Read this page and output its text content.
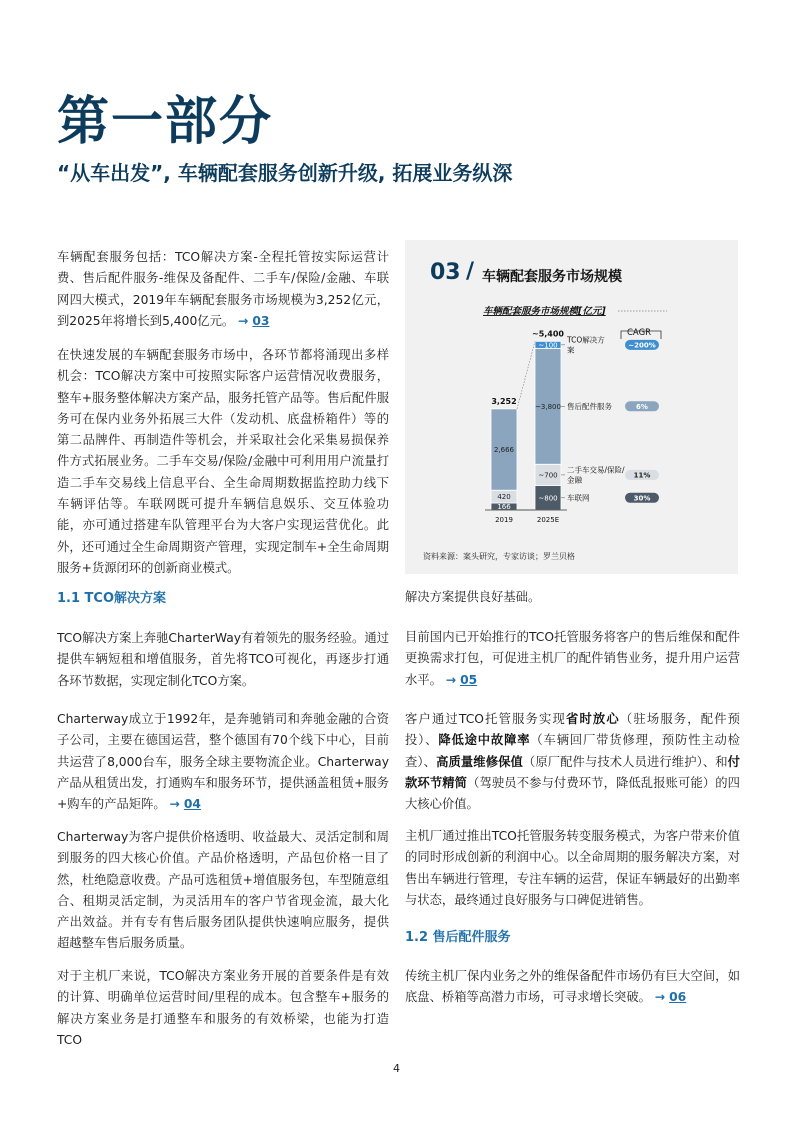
第一部分
“从车出发”, 车辆配套服务创新升级, 拓展业务纵深
车辆配套服务包括：TCO解决方案-全程托管按实际运营计费、售后配件服务-维保及备配件、二手车/保险/金融、车联网四大模式，2019年车辆配套服务市场规模为3,252亿元，到2025年将增长到5,400亿元。 → 03
在快速发展的车辆配套服务市场中，各环节都将涌现出多样机会：TCO解决方案中可按照实际客户运营情况收费服务，整车+服务整体解决方案产品，服务托管产品等。售后配件服务可在保内业务外拓展三大件（发动机、底盘桥箱件）等的第二品牌件、再制造件等机会，并采取社会化采集易损保养件方式拓展业务。二手车交易/保险/金融中可利用用户流量打造二手车交易线上信息平台、全生命周期数据监控助力线下车辆评估等。车联网既可提升车辆信息娱乐、交互体验功能，亦可通过搭建车队管理平台为大客户实现运营优化。此外，还可通过全生命周期资产管理，实现定制车+全生命周期服务+货源闭环的创新商业模式。
1.1 TCO解决方案
TCO解决方案上奔驰CharterWay有着领先的服务经验。通过提供车辆短租和增值服务，首先将TCO可视化，再逐步打通各环节数据，实现定制化TCO方案。
Charterway成立于1992年，是奔驰销司和奔驰金融的合资子公司，主要在德国运营，整个德国有70个线下中心，目前共运营了8,000台车，服务全球主要物流企业。Charterway产品从租赁出发，打通购车和服务环节，提供涵盖租赁+服务+购车的产品矩阵。 → 04
Charterway为客户提供价格透明、收益最大、灵活定制和周到服务的四大核心价值。产品价格透明，产品包价格一目了然，杜绝隐意收费。产品可选租赁+增值服务包，车型随意组合、租期灵活定制，为灵活用车的客户节省现金流，最大化产出效益。并有专有售后服务团队提供快速响应服务，提供超越整车售后服务质量。
对于主机厂来说，TCO解决方案业务开展的首要条件是有效的计算、明确单位运营时间/里程的成本。包含整车+服务的解决方案业务是打通整车和服务的有效桥梁，也能为打造TCO
03 / 车辆配套服务市场规模
车辆配套服务市场规模[亿元]
CAGR
166
420
2,666
3,252
2019
~800
~700
~3,800
~100
~5,400
2025E
车联网	30%
二手车交易/保险/
金融	11%
售后配件服务	6%
TCO解决方
案	~200%
资料来源：案头研究，专家访谈；罗兰贝格
解决方案提供良好基础。
目前国内已开始推行的TCO托管服务将客户的售后维保和配件更换需求打包，可促进主机厂的配件销售业务，提升用户运营水平。 → 05
客户通过TCO托管服务实现省时放心（驻场服务，配件预投）、降低途中故障率（车辆回厂带货修理，预防性主动检查）、高质量维修保值（原厂配件与技术人员进行维护）、和付款环节精简（驾驶员不参与付费环节，降低乱报账可能）的四大核心价值。
主机厂通过推出TCO托管服务转变服务模式，为客户带来价值的同时形成创新的利润中心。以全命周期的服务解决方案，对售出车辆进行管理，专注车辆的运营，保证车辆最好的出勤率与状态，最终通过良好服务与口碑促进销售。
1.2 售后配件服务
传统主机厂保内业务之外的维保备配件市场仍有巨大空间，如底盘、桥箱等高潜力市场，可寻求增长突破。 → 06
4
